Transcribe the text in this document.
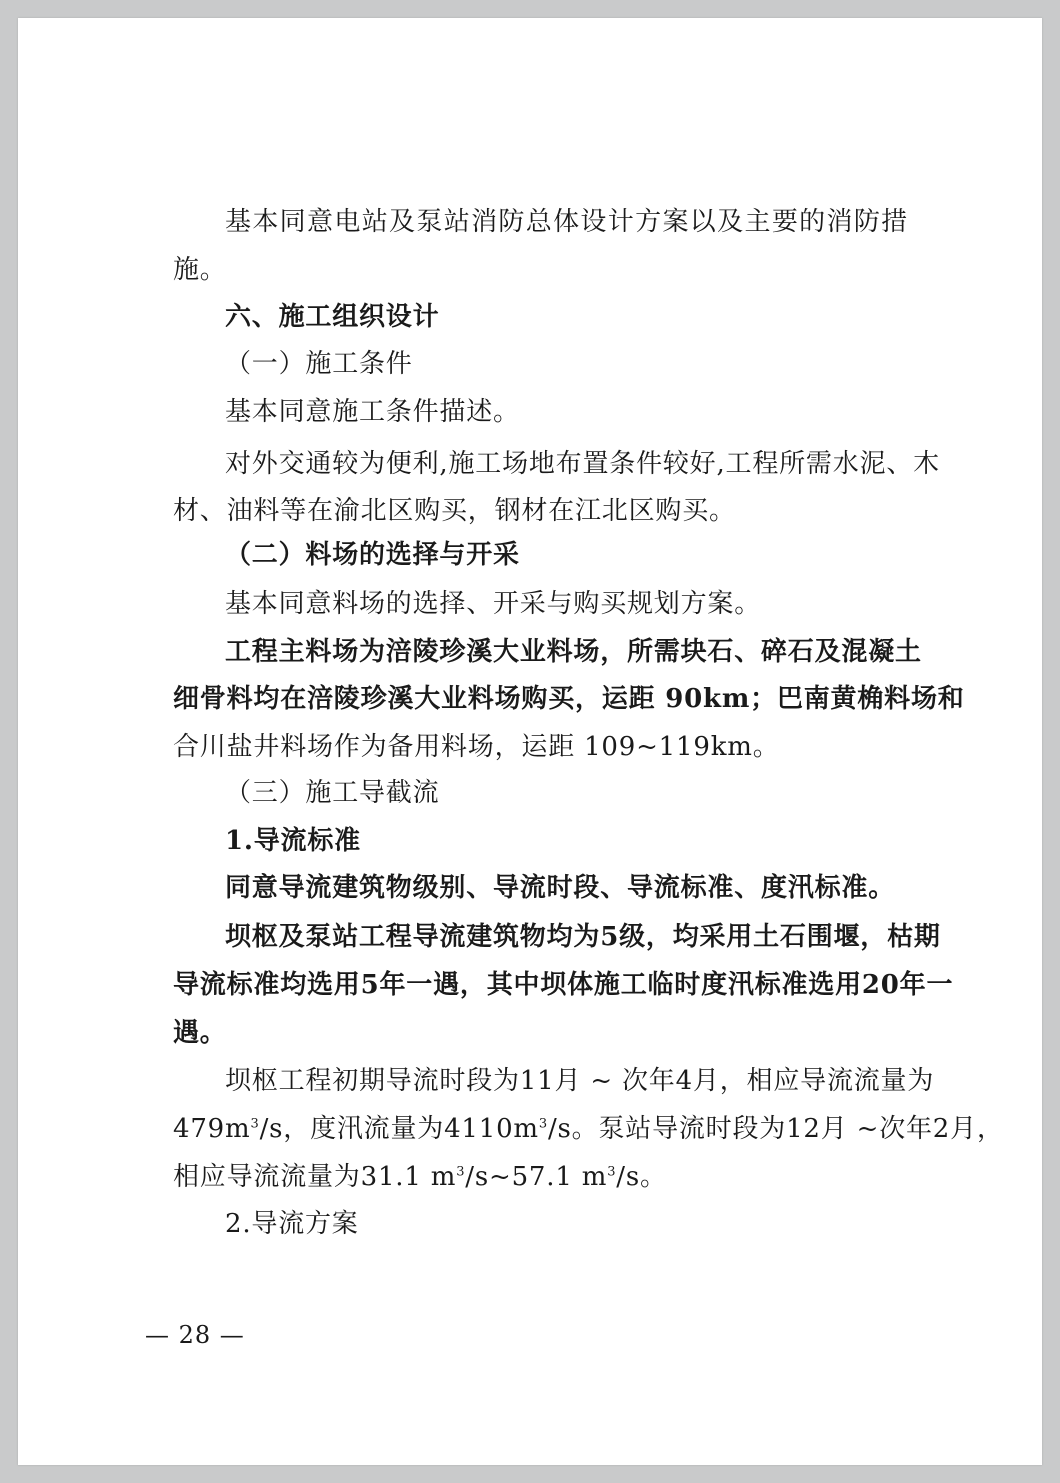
基本同意电站及泵站消防总体设计方案以及主要的消防措
施。
六、施工组织设计
（一）施工条件
基本同意施工条件描述。
对外交通较为便利,施工场地布置条件较好,工程所需水泥、木
材、油料等在渝北区购买，钢材在江北区购买。
（二）料场的选择与开采
基本同意料场的选择、开采与购买规划方案。
工程主料场为涪陵珍溪大业料场，所需块石、碎石及混凝土
细骨料均在涪陵珍溪大业料场购买，运距 90km；巴南黄桷料场和
合川盐井料场作为备用料场，运距 109~119km。
（三）施工导截流
1.导流标准
同意导流建筑物级别、导流时段、导流标准、度汛标准。
坝枢及泵站工程导流建筑物均为5级，均采用土石围堰，枯期
导流标准均选用5年一遇，其中坝体施工临时度汛标准选用20年一
遇。
坝枢工程初期导流时段为11月 ~ 次年4月，相应导流流量为
$479m^3/s$，度汛流量为$4110m^3/s$。泵站导流时段为12月 ~次年2月，
相应导流流量为31.1 $m^3/s\sim 57.1$ $m^3/s$。
2.导流方案
— 28 —
